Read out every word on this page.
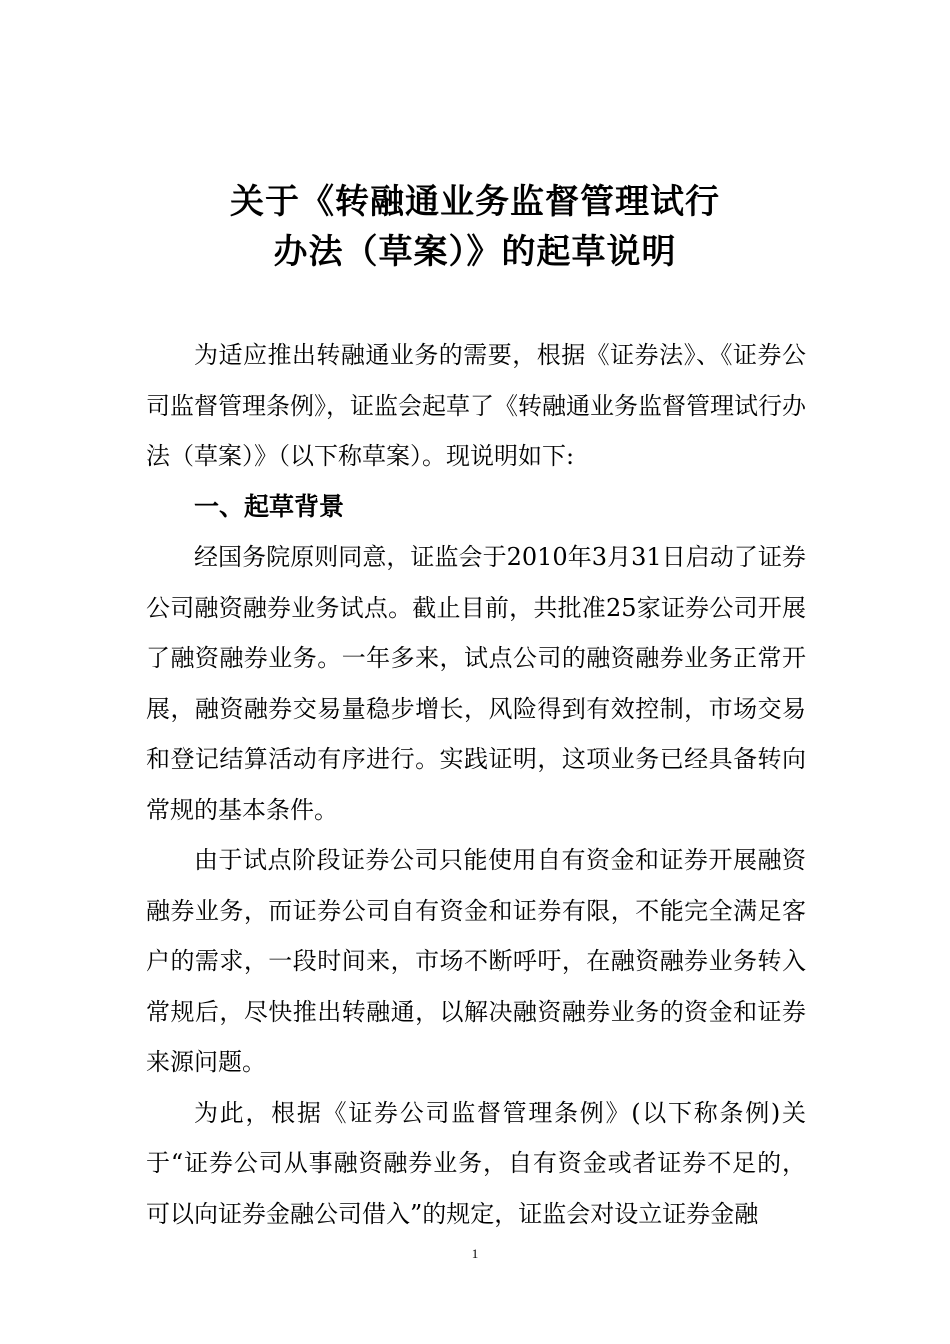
关于《转融通业务监督管理试行
办法（草案）》的起草说明

为适应推出转融通业务的需要，根据《证券法》、《证券公司监督管理条例》，证监会起草了《转融通业务监督管理试行办法（草案）》（以下称草案）。现说明如下:

一、起草背景

经国务院原则同意，证监会于2010年3月31日启动了证券公司融资融券业务试点。截止目前，共批准25家证券公司开展了融资融券业务。一年多来，试点公司的融资融券业务正常开展，融资融券交易量稳步增长，风险得到有效控制，市场交易和登记结算活动有序进行。实践证明，这项业务已经具备转向常规的基本条件。

由于试点阶段证券公司只能使用自有资金和证券开展融资融券业务，而证券公司自有资金和证券有限，不能完全满足客户的需求，一段时间来，市场不断呼吁，在融资融券业务转入常规后，尽快推出转融通，以解决融资融券业务的资金和证券来源问题。

为此，根据《证券公司监督管理条例》(以下称条例)关于“证券公司从事融资融券业务，自有资金或者证券不足的，可以向证券金融公司借入”的规定，证监会对设立证券金融

1
